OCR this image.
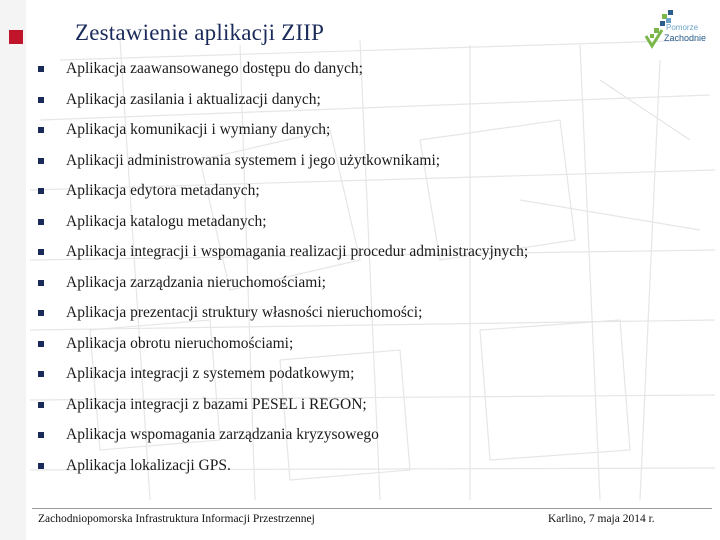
Zestawienie aplikacji ZIIP	Pomorze
Zachodnie
Aplikacja zaawansowanego dostępu do danych;
Aplikacja zasilania i aktualizacji danych;
Aplikacja komunikacji i wymiany danych;
Aplikacji administrowania systemem i jego użytkownikami;
Aplikacja edytora metadanych;
Aplikacja katalogu metadanych;
Aplikacja integracji i wspomagania realizacji procedur administracyjnych;
Aplikacja zarządzania nieruchomościami;
Aplikacja prezentacji struktury własności nieruchomości;
Aplikacja obrotu nieruchomościami;
Aplikacja integracji z systemem podatkowym;
Aplikacja integracji z bazami PESEL i REGON;
Aplikacja wspomagania zarządzania kryzysowego
Aplikacja lokalizacji GPS.
Zachodniopomorska Infrastruktura Informacji Przestrzennej	Karlino, 7 maja 2014 r.
